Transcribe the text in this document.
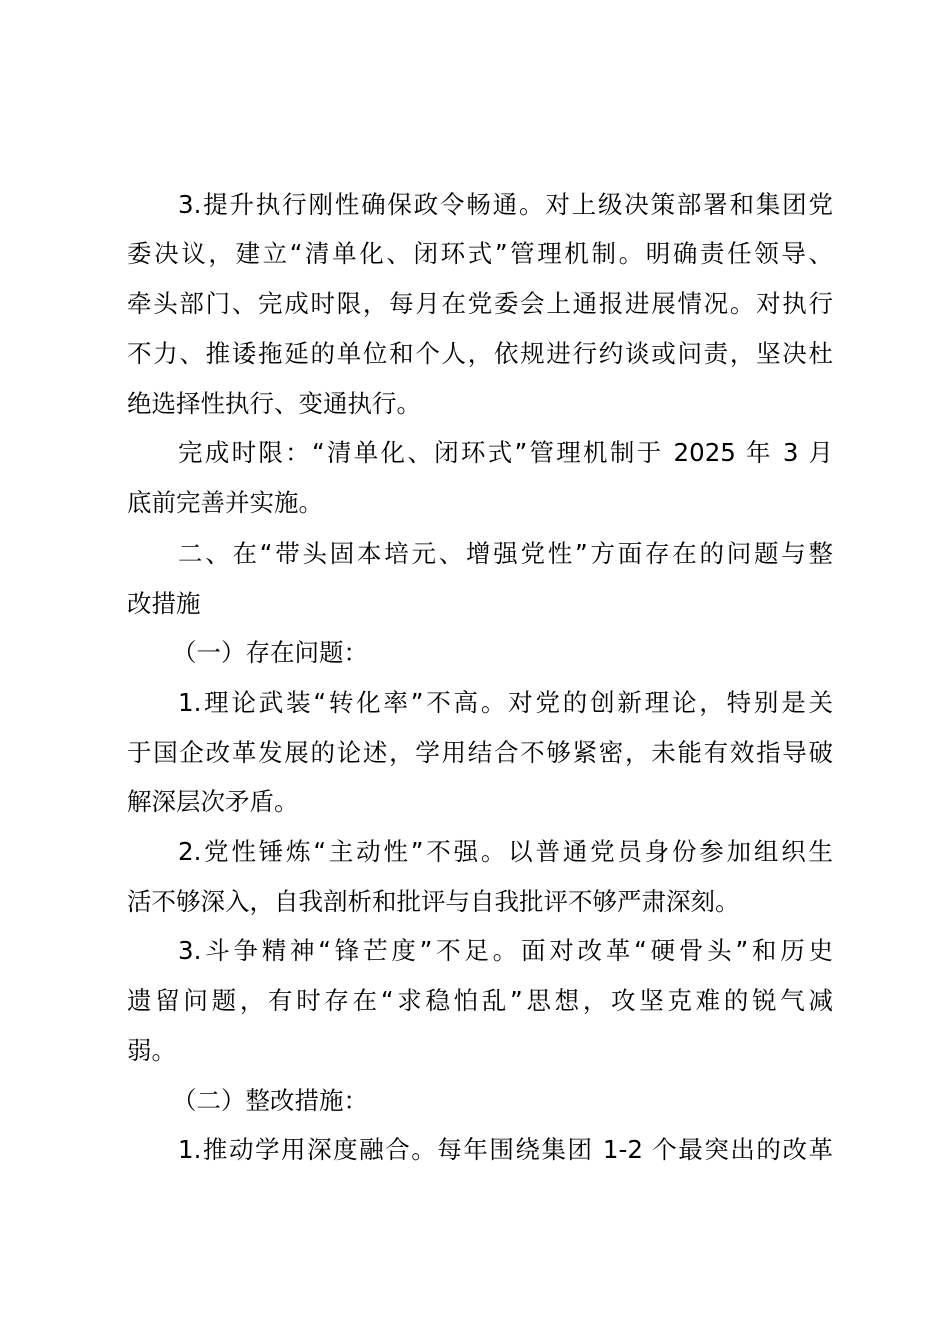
3.提升执行刚性确保政令畅通。对上级决策部署和集团党
委决议，建立“清单化、闭环式”管理机制。明确责任领导、
牵头部门、完成时限，每月在党委会上通报进展情况。对执行
不力、推诿拖延的单位和个人，依规进行约谈或问责，坚决杜
绝选择性执行、变通执行。
完成时限：“清单化、闭环式”管理机制于 2025 年 3 月
底前完善并实施。
二、在“带头固本培元、增强党性”方面存在的问题与整
改措施
（一）存在问题：
1.理论武装“转化率”不高。对党的创新理论，特别是关
于国企改革发展的论述，学用结合不够紧密，未能有效指导破
解深层次矛盾。
2.党性锤炼“主动性”不强。以普通党员身份参加组织生
活不够深入，自我剖析和批评与自我批评不够严肃深刻。
3.斗争精神“锋芒度”不足。面对改革“硬骨头”和历史
遗留问题，有时存在“求稳怕乱”思想，攻坚克难的锐气减
弱。
（二）整改措施：
1.推动学用深度融合。每年围绕集团 1-2 个最突出的改革
